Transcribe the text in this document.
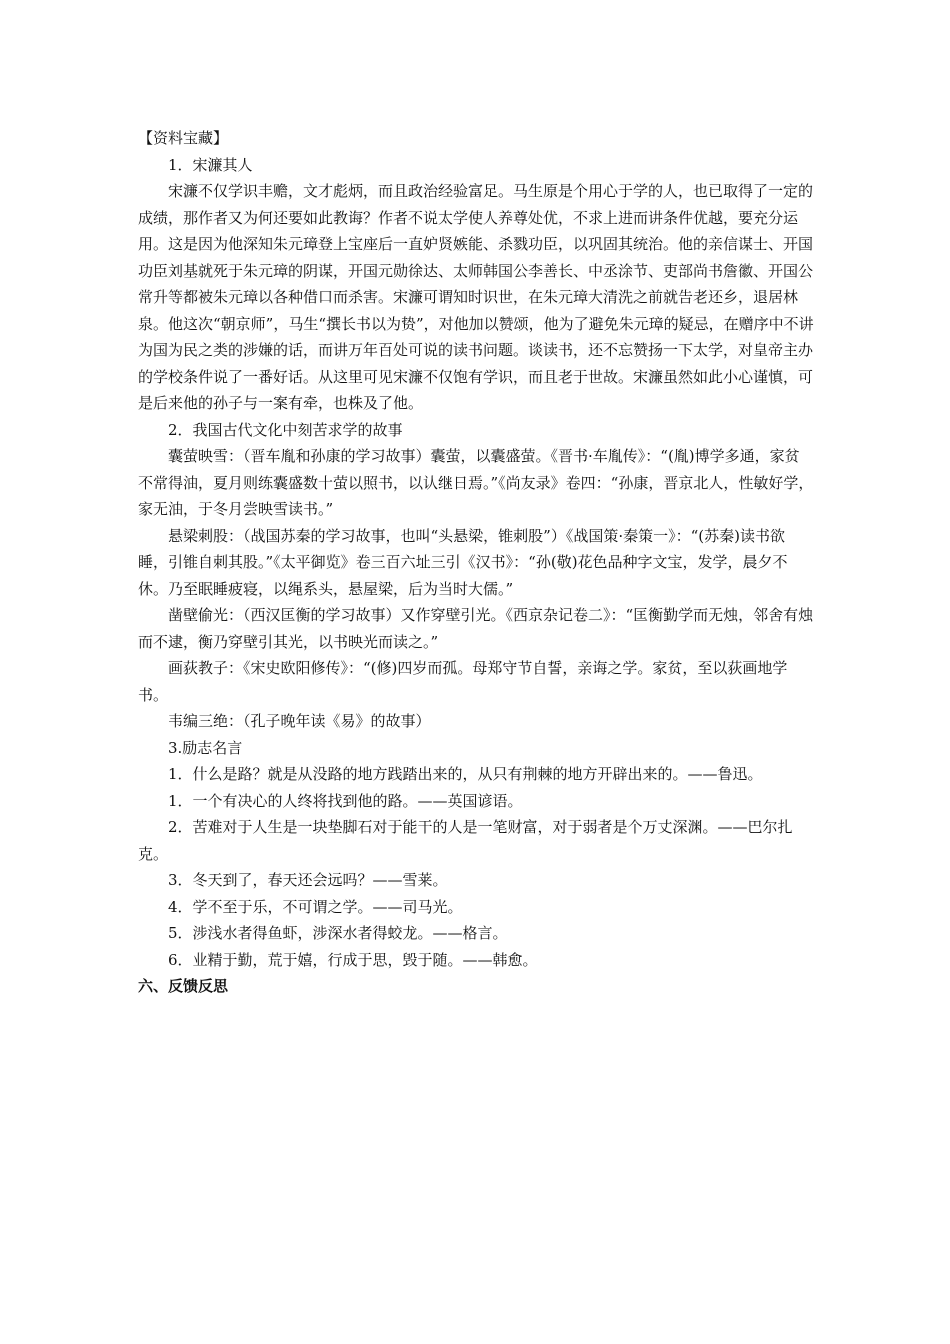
【资料宝藏】

1．宋濂其人

宋濂不仅学识丰赡，文才彪炳，而且政治经验富足。马生原是个用心于学的人，也已取得了一定的成绩，那作者又为何还要如此教诲？作者不说太学使人养尊处优，不求上进而讲条件优越，要充分运用。这是因为他深知朱元璋登上宝座后一直妒贤嫉能、杀戮功臣，以巩固其统治。他的亲信谋士、开国功臣刘基就死于朱元璋的阴谋，开国元勋徐达、太师韩国公李善长、中丞涂节、吏部尚书詹徽、开国公常升等都被朱元璋以各种借口而杀害。宋濂可谓知时识世，在朱元璋大清洗之前就告老还乡，退居林泉。他这次“朝京师”，马生“撰长书以为贽”，对他加以赞颂，他为了避免朱元璋的疑忌，在赠序中不讲为国为民之类的涉嫌的话，而讲万年百处可说的读书问题。谈读书，还不忘赞扬一下太学，对皇帝主办的学校条件说了一番好话。从这里可见宋濂不仅饱有学识，而且老于世故。宋濂虽然如此小心谨慎，可是后来他的孙子与一案有牵，也株及了他。

2．我国古代文化中刻苦求学的故事

囊萤映雪：（晋车胤和孙康的学习故事）囊萤，以囊盛萤。《晋书·车胤传》：“(胤)博学多通，家贫不常得油，夏月则练囊盛数十萤以照书，以认继日焉。”《尚友录》卷四：“孙康，晋京北人，性敏好学，家无油，于冬月尝映雪读书。”

悬梁刺股：（战国苏秦的学习故事，也叫“头悬梁，锥刺股”）《战国策·秦策一》：“(苏秦)读书欲睡，引锥自刺其股。”《太平御览》卷三百六址三引《汉书》：“孙(敬)花色品种字文宝，发学，晨夕不休。乃至眠睡疲寝，以绳系头，悬屋梁，后为当时大儒。”

凿壁偷光：（西汉匡衡的学习故事）又作穿壁引光。《西京杂记卷二》：“匡衡勤学而无烛，邻舍有烛而不逮，衡乃穿壁引其光，以书映光而读之。”

画荻教子：《宋史欧阳修传》：“(修)四岁而孤。母郑守节自誓，亲诲之学。家贫，至以荻画地学书。

韦编三绝：（孔子晚年读《易》的故事）

3.励志名言

1．什么是路？就是从没路的地方践踏出来的，从只有荆棘的地方开辟出来的。——鲁迅。

1．一个有决心的人终将找到他的路。——英国谚语。

2．苦难对于人生是一块垫脚石对于能干的人是一笔财富，对于弱者是个万丈深渊。——巴尔扎克。

3．冬天到了，春天还会远吗？——雪莱。

4．学不至于乐，不可谓之学。——司马光。

5．涉浅水者得鱼虾，涉深水者得蛟龙。——格言。

6．业精于勤，荒于嬉，行成于思，毁于随。——韩愈。

六、反馈反思
